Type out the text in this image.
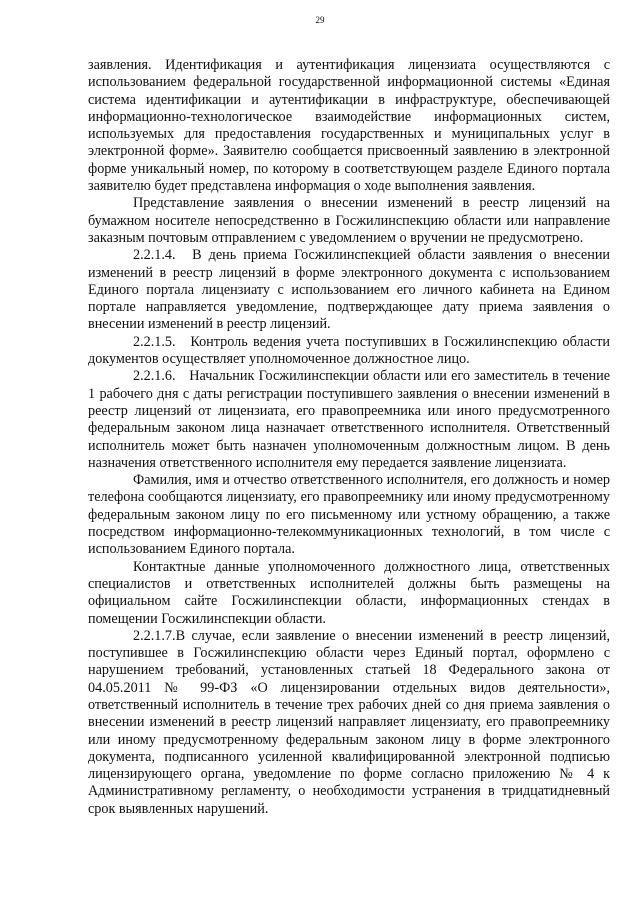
29

заявления. Идентификация и аутентификация лицензиата осуществляются с использованием федеральной государственной информационной системы «Единая система идентификации и аутентификации в инфраструктуре, обеспечивающей информационно-технологическое взаимодействие информационных систем, используемых для предоставления государственных и муниципальных услуг в электронной форме». Заявителю сообщается присвоенный заявлению в электронной форме уникальный номер, по которому в соответствующем разделе Единого портала заявителю будет представлена информация о ходе выполнения заявления.

Представление заявления о внесении изменений в реестр лицензий на бумажном носителе непосредственно в Госжилинспекцию области или направление заказным почтовым отправлением с уведомлением о вручении не предусмотрено.

2.2.1.4. В день приема Госжилинспекцией области заявления о внесении изменений в реестр лицензий в форме электронного документа с использованием Единого портала лицензиату с использованием его личного кабинета на Едином портале направляется уведомление, подтверждающее дату приема заявления о внесении изменений в реестр лицензий.

2.2.1.5. Контроль ведения учета поступивших в Госжилинспекцию области документов осуществляет уполномоченное должностное лицо.

2.2.1.6. Начальник Госжилинспекции области или его заместитель в течение 1 рабочего дня с даты регистрации поступившего заявления о внесении изменений в реестр лицензий от лицензиата, его правопреемника или иного предусмотренного федеральным законом лица назначает ответственного исполнителя. Ответственный исполнитель может быть назначен уполномоченным должностным лицом. В день назначения ответственного исполнителя ему передается заявление лицензиата.

Фамилия, имя и отчество ответственного исполнителя, его должность и номер телефона сообщаются лицензиату, его правопреемнику или иному предусмотренному федеральным законом лицу по его письменному или устному обращению, а также посредством информационно-телекоммуникационных технологий, в том числе с использованием Единого портала.

Контактные данные уполномоченного должностного лица, ответственных специалистов и ответственных исполнителей должны быть размещены на официальном сайте Госжилинспекции области, информационных стендах в помещении Госжилинспекции области.

2.2.1.7.В случае, если заявление о внесении изменений в реестр лицензий, поступившее в Госжилинспекцию области через Единый портал, оформлено с нарушением требований, установленных статьей 18 Федерального закона от 04.05.2011 № 99-ФЗ «О лицензировании отдельных видов деятельности», ответственный исполнитель в течение трех рабочих дней со дня приема заявления о внесении изменений в реестр лицензий направляет лицензиату, его правопреемнику или иному предусмотренному федеральным законом лицу в форме электронного документа, подписанного усиленной квалифицированной электронной подписью лицензирующего органа, уведомление по форме согласно приложению № 4 к Административному регламенту, о необходимости устранения в тридцатидневный срок выявленных нарушений.
